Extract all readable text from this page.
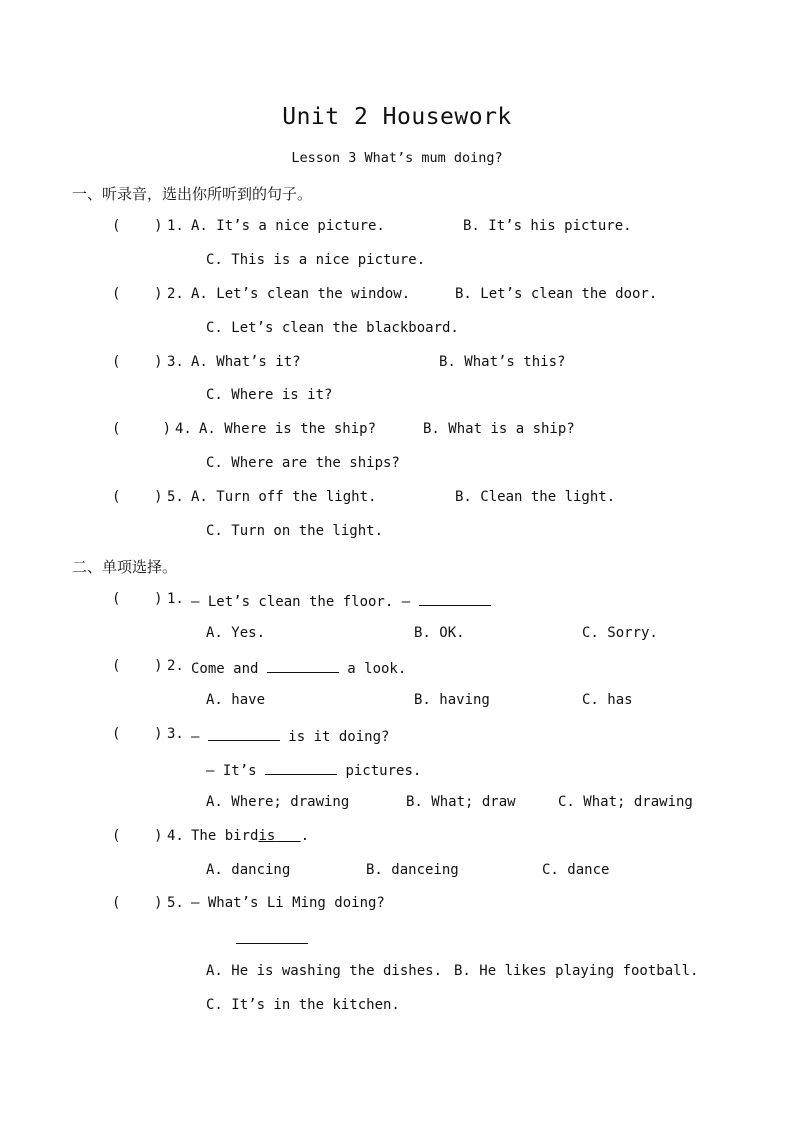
Unit 2 Housework
Lesson 3 What’s mum doing?
一、听录音，选出你所听到的句子。
(    ) 1. A. It’s a nice picture.	B. It’s his picture.
C. This is a nice picture.
(    ) 2. A. Let’s clean the window.	B. Let’s clean the door.
C. Let’s clean the blackboard.
(    ) 3. A. What’s it?	B. What’s this?
C. Where is it?
(     ) 4. A. Where is the ship?	B. What is a ship?
C. Where are the ships?
(    ) 5. A. Turn off the light.	B. Clean the light.
C. Turn on the light.
二、单项选择。
(    ) 1. — Let’s clean the floor. —
A. Yes.	B. OK.	C. Sorry.
(    ) 2. Come and	a look.
A. have	B. having	C. has
(    ) 3. —	is it doing?
— It’s	pictures.
A. Where; drawing	B. What; draw	C. What; drawing
(    ) 4. The birdis .
A. dancing	B. danceing	C. dance
(    ) 5. — What’s Li Ming doing?
A. He is washing the dishes. B. He likes playing football.
C. It’s in the kitchen.
